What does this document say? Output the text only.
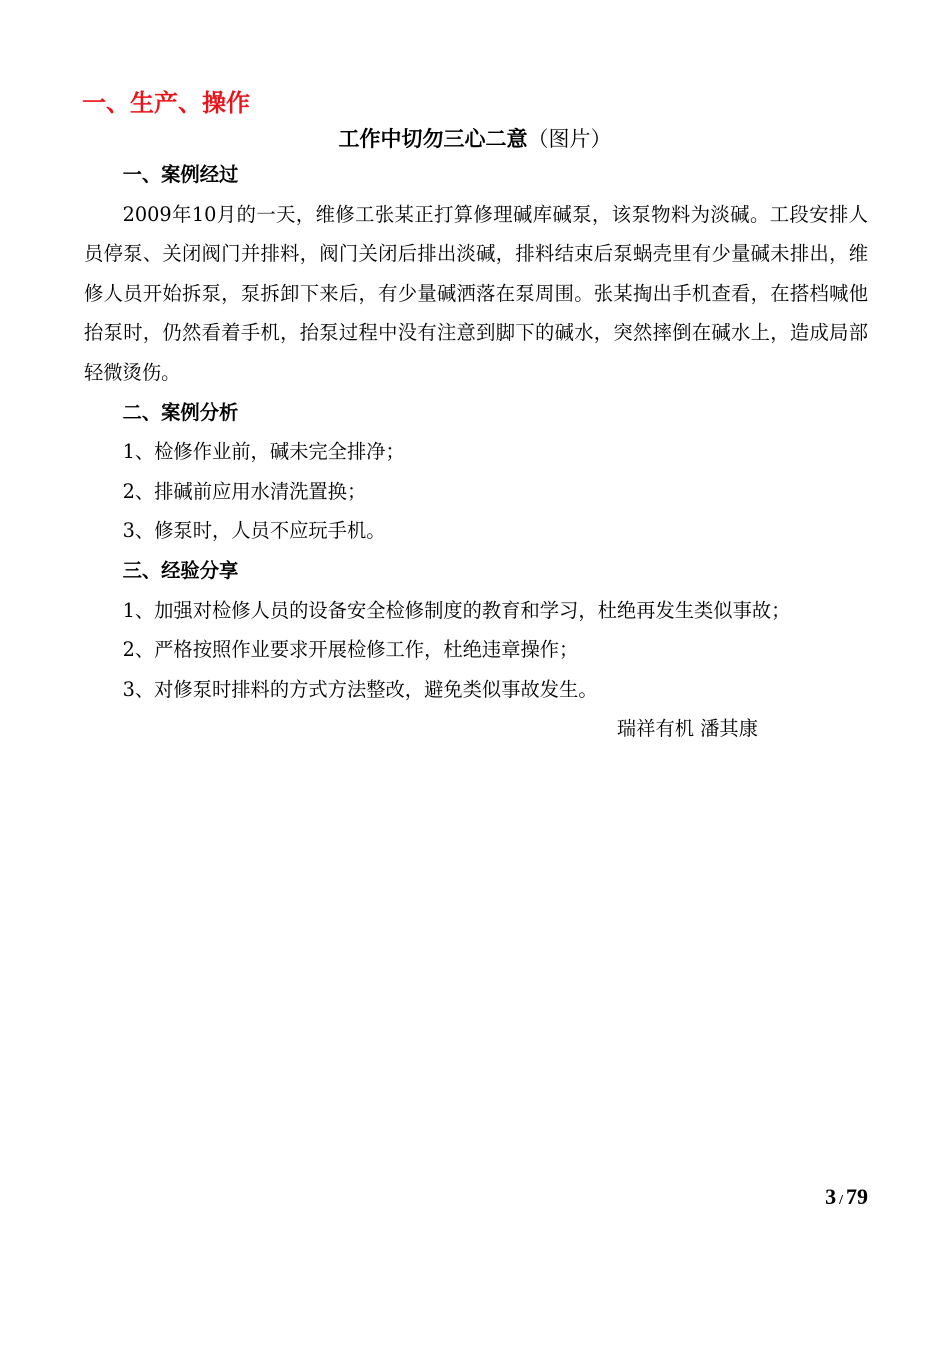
一、生产、操作
工作中切勿三心二意（图片）

一、案例经过

2009年10月的一天，维修工张某正打算修理碱库碱泵，该泵物料为淡碱。工段安排人员停泵、关闭阀门并排料，阀门关闭后排出淡碱，排料结束后泵蜗壳里有少量碱未排出，维修人员开始拆泵，泵拆卸下来后，有少量碱洒落在泵周围。张某掏出手机查看，在搭档喊他抬泵时，仍然看着手机，抬泵过程中没有注意到脚下的碱水，突然摔倒在碱水上，造成局部轻微烫伤。

二、案例分析

1、检修作业前，碱未完全排净；

2、排碱前应用水清洗置换；

3、修泵时，人员不应玩手机。

三、经验分享

1、加强对检修人员的设备安全检修制度的教育和学习，杜绝再发生类似事故；

2、严格按照作业要求开展检修工作，杜绝违章操作；

3、对修泵时排料的方式方法整改，避免类似事故发生。

瑞祥有机 潘其康

3 / 79
